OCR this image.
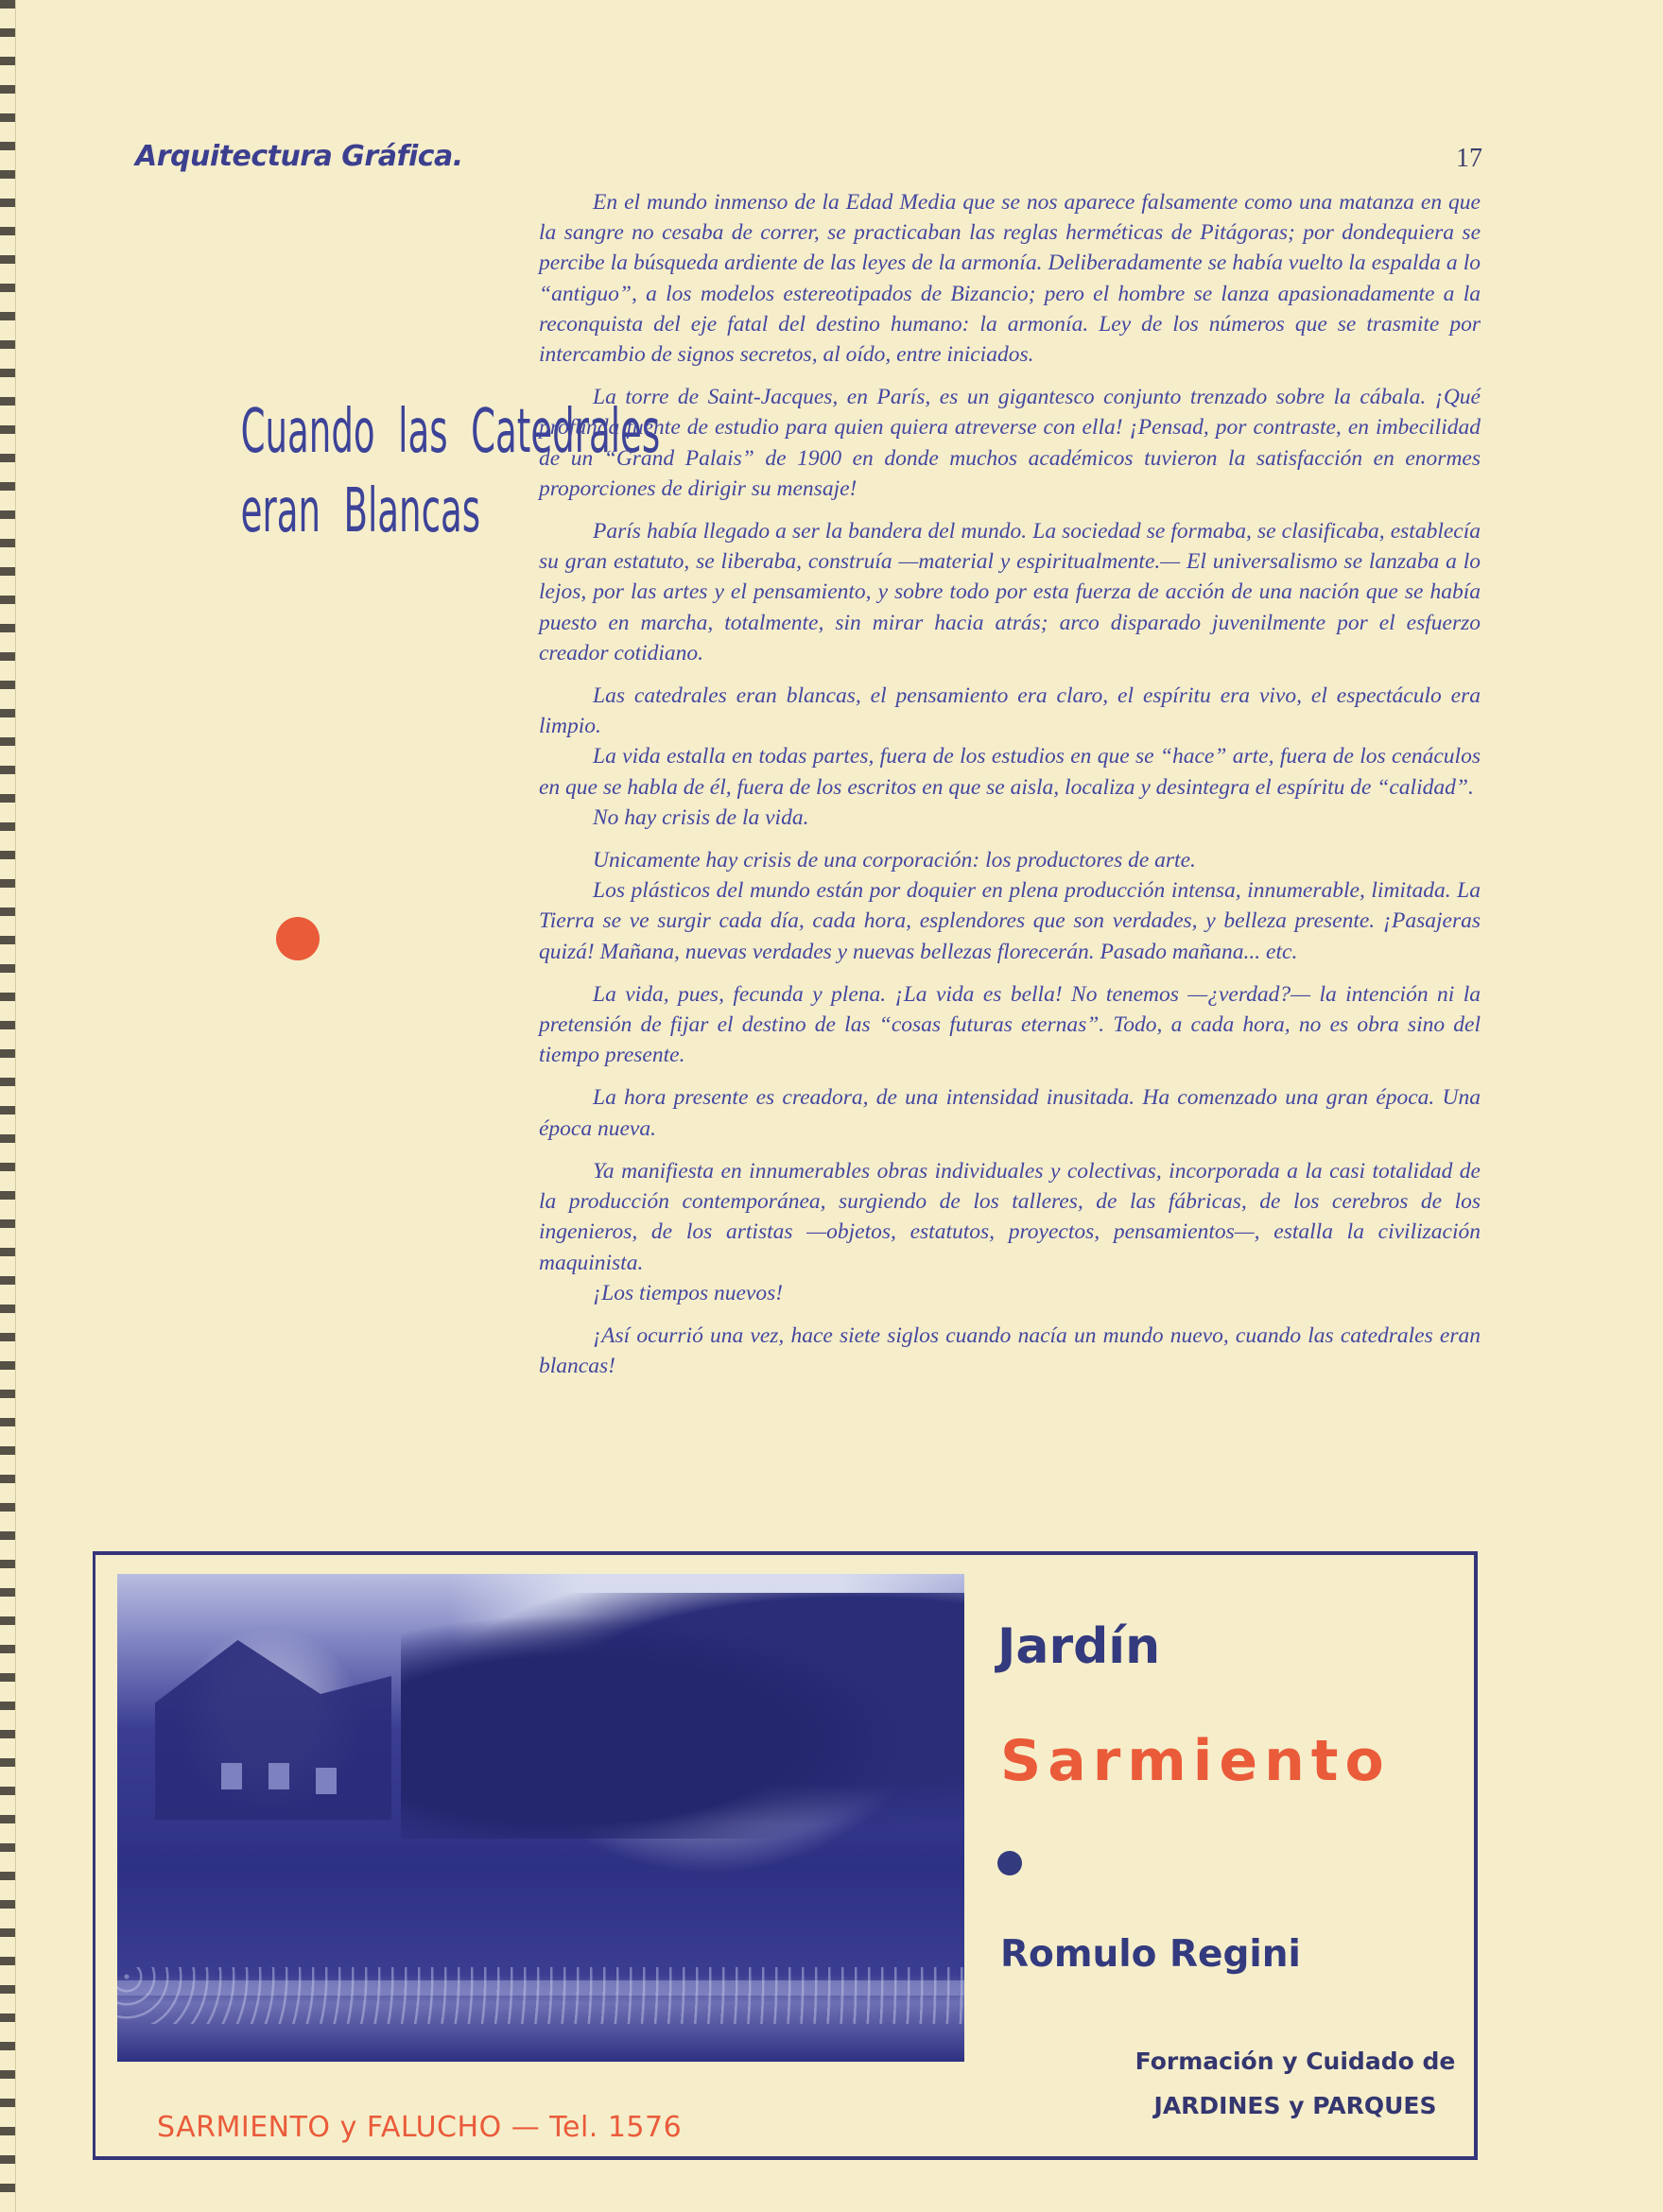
Arquitectura Gráfica.	17
Cuando las Catedrales
eran Blancas

En el mundo inmenso de la Edad Media que se nos aparece falsamente como una matanza en que la sangre no cesaba de correr, se practicaban las reglas herméticas de Pitágoras; por dondequiera se percibe la búsqueda ardiente de las leyes de la armonía. Deliberadamente se había vuelto la espalda a lo “antiguo”, a los modelos estereotipados de Bizancio; pero el hombre se lanza apasionadamente a la reconquista del eje fatal del destino humano: la armonía. Ley de los números que se trasmite por intercambio de signos secretos, al oído, entre iniciados.

La torre de Saint-Jacques, en París, es un gigantesco conjunto trenzado sobre la cábala. ¡Qué profunda fuente de estudio para quien quiera atreverse con ella! ¡Pensad, por contraste, en imbecilidad de un “Grand Palais” de 1900 en donde muchos académicos tuvieron la satisfacción en enormes proporciones de dirigir su mensaje!

París había llegado a ser la bandera del mundo. La sociedad se formaba, se clasificaba, establecía su gran estatuto, se liberaba, construía —material y espiritualmente.— El universalismo se lanzaba a lo lejos, por las artes y el pensamiento, y sobre todo por esta fuerza de acción de una nación que se había puesto en marcha, totalmente, sin mirar hacia atrás; arco disparado juvenilmente por el esfuerzo creador cotidiano.

Las catedrales eran blancas, el pensamiento era claro, el espíritu era vivo, el espectáculo era limpio.

La vida estalla en todas partes, fuera de los estudios en que se “hace” arte, fuera de los cenáculos en que se habla de él, fuera de los escritos en que se aisla, localiza y desintegra el espíritu de “calidad”.

No hay crisis de la vida.

Unicamente hay crisis de una corporación: los productores de arte.

Los plásticos del mundo están por doquier en plena producción intensa, innumerable, limitada. La Tierra se ve surgir cada día, cada hora, esplendores que son verdades, y belleza presente. ¡Pasajeras quizá! Mañana, nuevas verdades y nuevas bellezas florecerán. Pasado mañana... etc.

La vida, pues, fecunda y plena. ¡La vida es bella! No tenemos —¿verdad?— la intención ni la pretensión de fijar el destino de las “cosas futuras eternas”. Todo, a cada hora, no es obra sino del tiempo presente.

La hora presente es creadora, de una intensidad inusitada. Ha comenzado una gran época. Una época nueva.

Ya manifiesta en innumerables obras individuales y colectivas, incorporada a la casi totalidad de la producción contemporánea, surgiendo de los talleres, de las fábricas, de los cerebros de los ingenieros, de los artistas —objetos, estatutos, proyectos, pensamientos—, estalla la civilización maquinista.

¡Los tiempos nuevos!

¡Así ocurrió una vez, hace siete siglos cuando nacía un mundo nuevo, cuando las catedrales eran blancas!

Jardín
Sarmiento
Romulo Regini
Formación y Cuidado de
JARDINES y PARQUES
SARMIENTO y FALUCHO — Tel. 1576
